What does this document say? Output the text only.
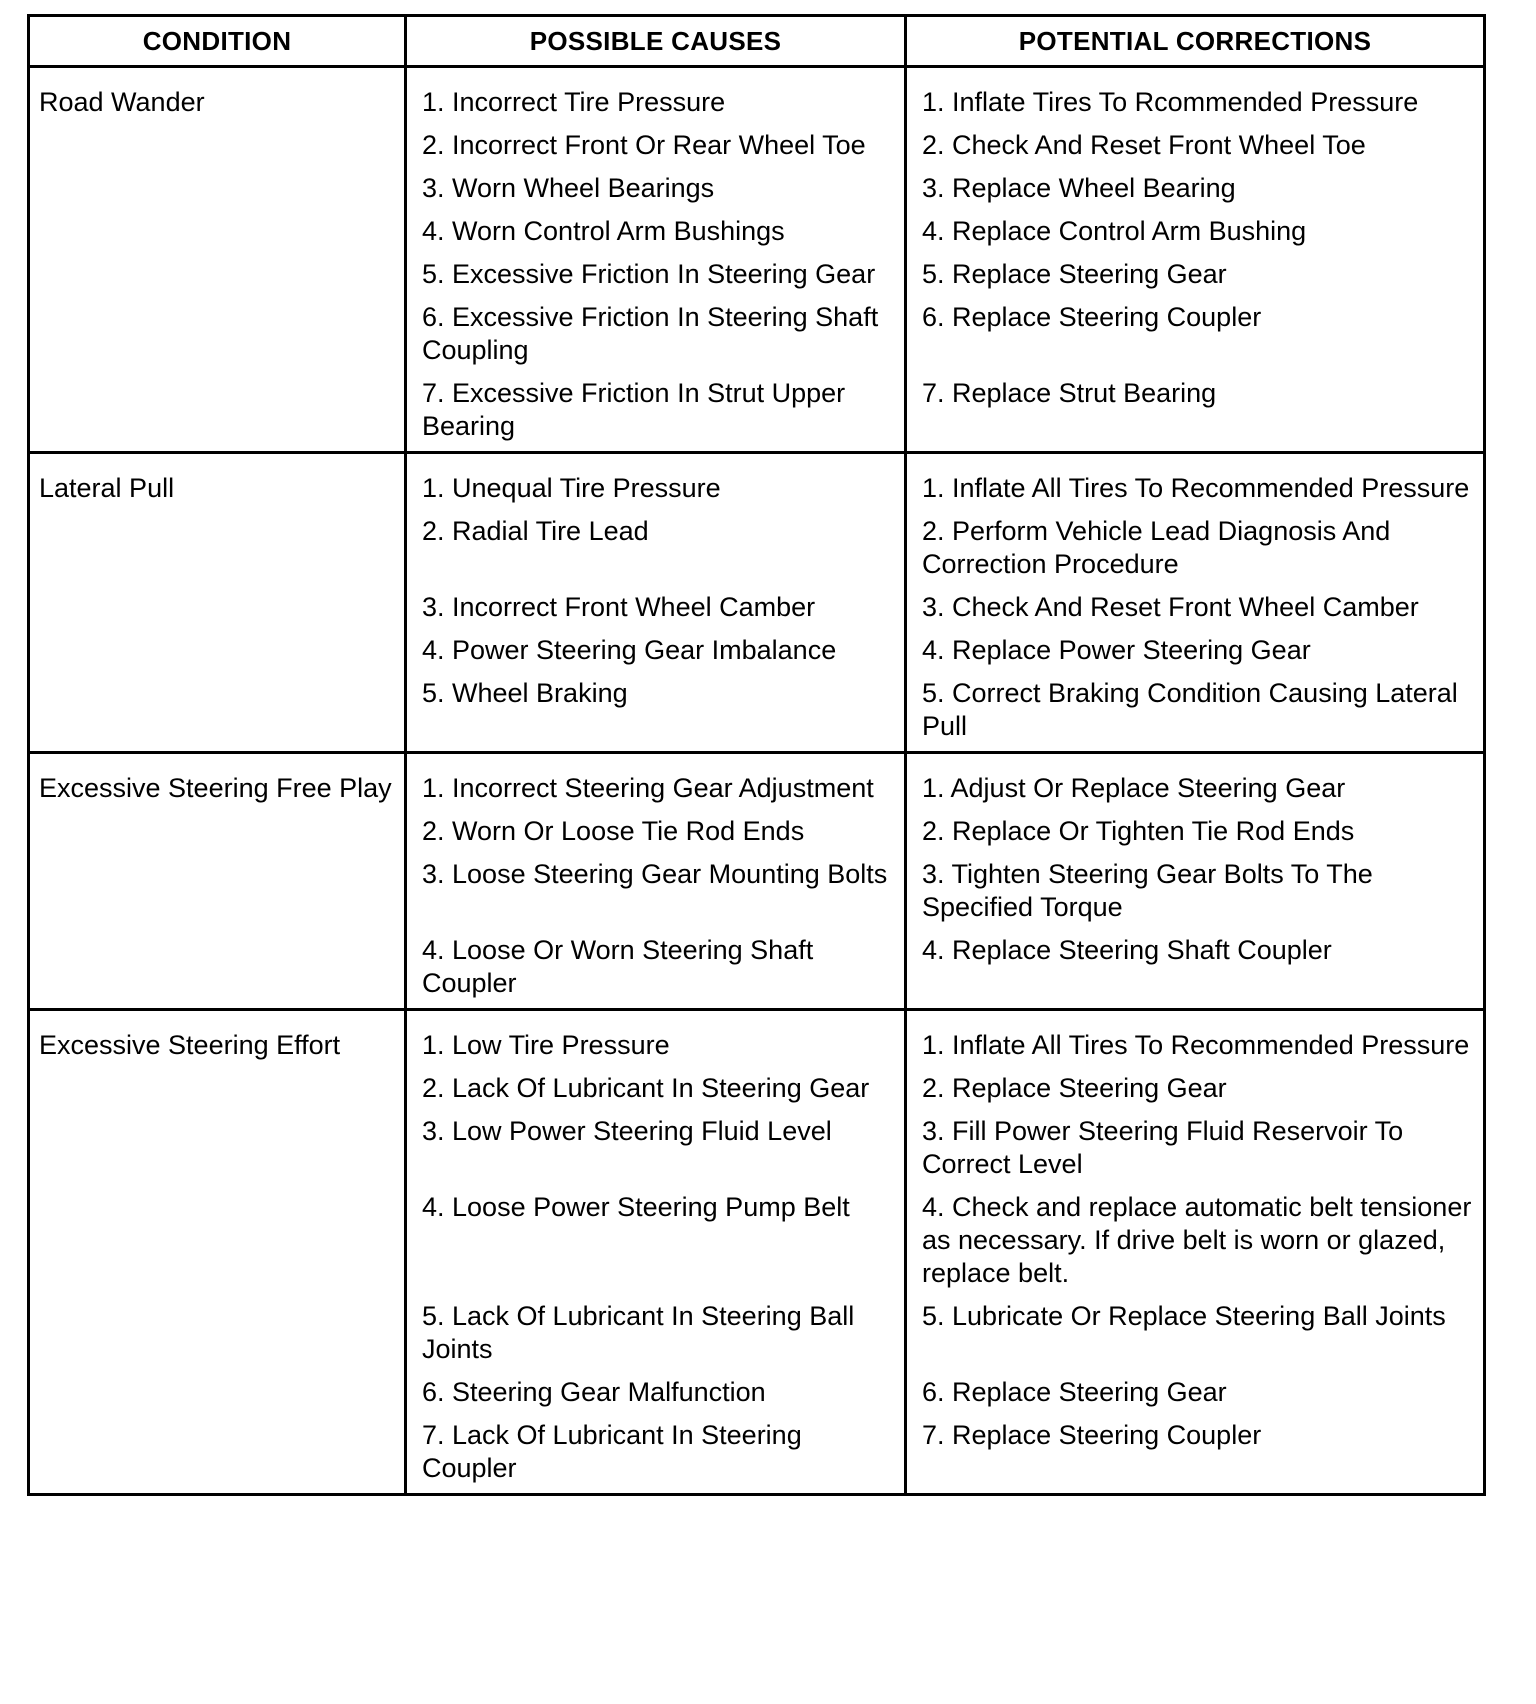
CONDITION	POSSIBLE CAUSES	POTENTIAL CORRECTIONS
Road Wander	1. Incorrect Tire Pressure	1. Inflate Tires To Rcommended Pressure
	2. Incorrect Front Or Rear Wheel Toe	2. Check And Reset Front Wheel Toe
	3. Worn Wheel Bearings	3. Replace Wheel Bearing
	4. Worn Control Arm Bushings	4. Replace Control Arm Bushing
	5. Excessive Friction In Steering Gear	5. Replace Steering Gear
	6. Excessive Friction In Steering Shaft Coupling	6. Replace Steering Coupler
	7. Excessive Friction In Strut Upper Bearing	7. Replace Strut Bearing
Lateral Pull	1. Unequal Tire Pressure	1. Inflate All Tires To Recommended Pressure
	2. Radial Tire Lead	2. Perform Vehicle Lead Diagnosis And Correction Procedure
	3. Incorrect Front Wheel Camber	3. Check And Reset Front Wheel Camber
	4. Power Steering Gear Imbalance	4. Replace Power Steering Gear
	5. Wheel Braking	5. Correct Braking Condition Causing Lateral Pull
Excessive Steering Free Play	1. Incorrect Steering Gear Adjustment	1. Adjust Or Replace Steering Gear
	2. Worn Or Loose Tie Rod Ends	2. Replace Or Tighten Tie Rod Ends
	3. Loose Steering Gear Mounting Bolts	3. Tighten Steering Gear Bolts To The Specified Torque
	4. Loose Or Worn Steering Shaft Coupler	4. Replace Steering Shaft Coupler
Excessive Steering Effort	1. Low Tire Pressure	1. Inflate All Tires To Recommended Pressure
	2. Lack Of Lubricant In Steering Gear	2. Replace Steering Gear
	3. Low Power Steering Fluid Level	3. Fill Power Steering Fluid Reservoir To Correct Level
	4. Loose Power Steering Pump Belt	4. Check and replace automatic belt tensioner as necessary. If drive belt is worn or glazed, replace belt.
	5. Lack Of Lubricant In Steering Ball Joints	5. Lubricate Or Replace Steering Ball Joints
	6. Steering Gear Malfunction	6. Replace Steering Gear
	7. Lack Of Lubricant In Steering Coupler	7. Replace Steering Coupler
